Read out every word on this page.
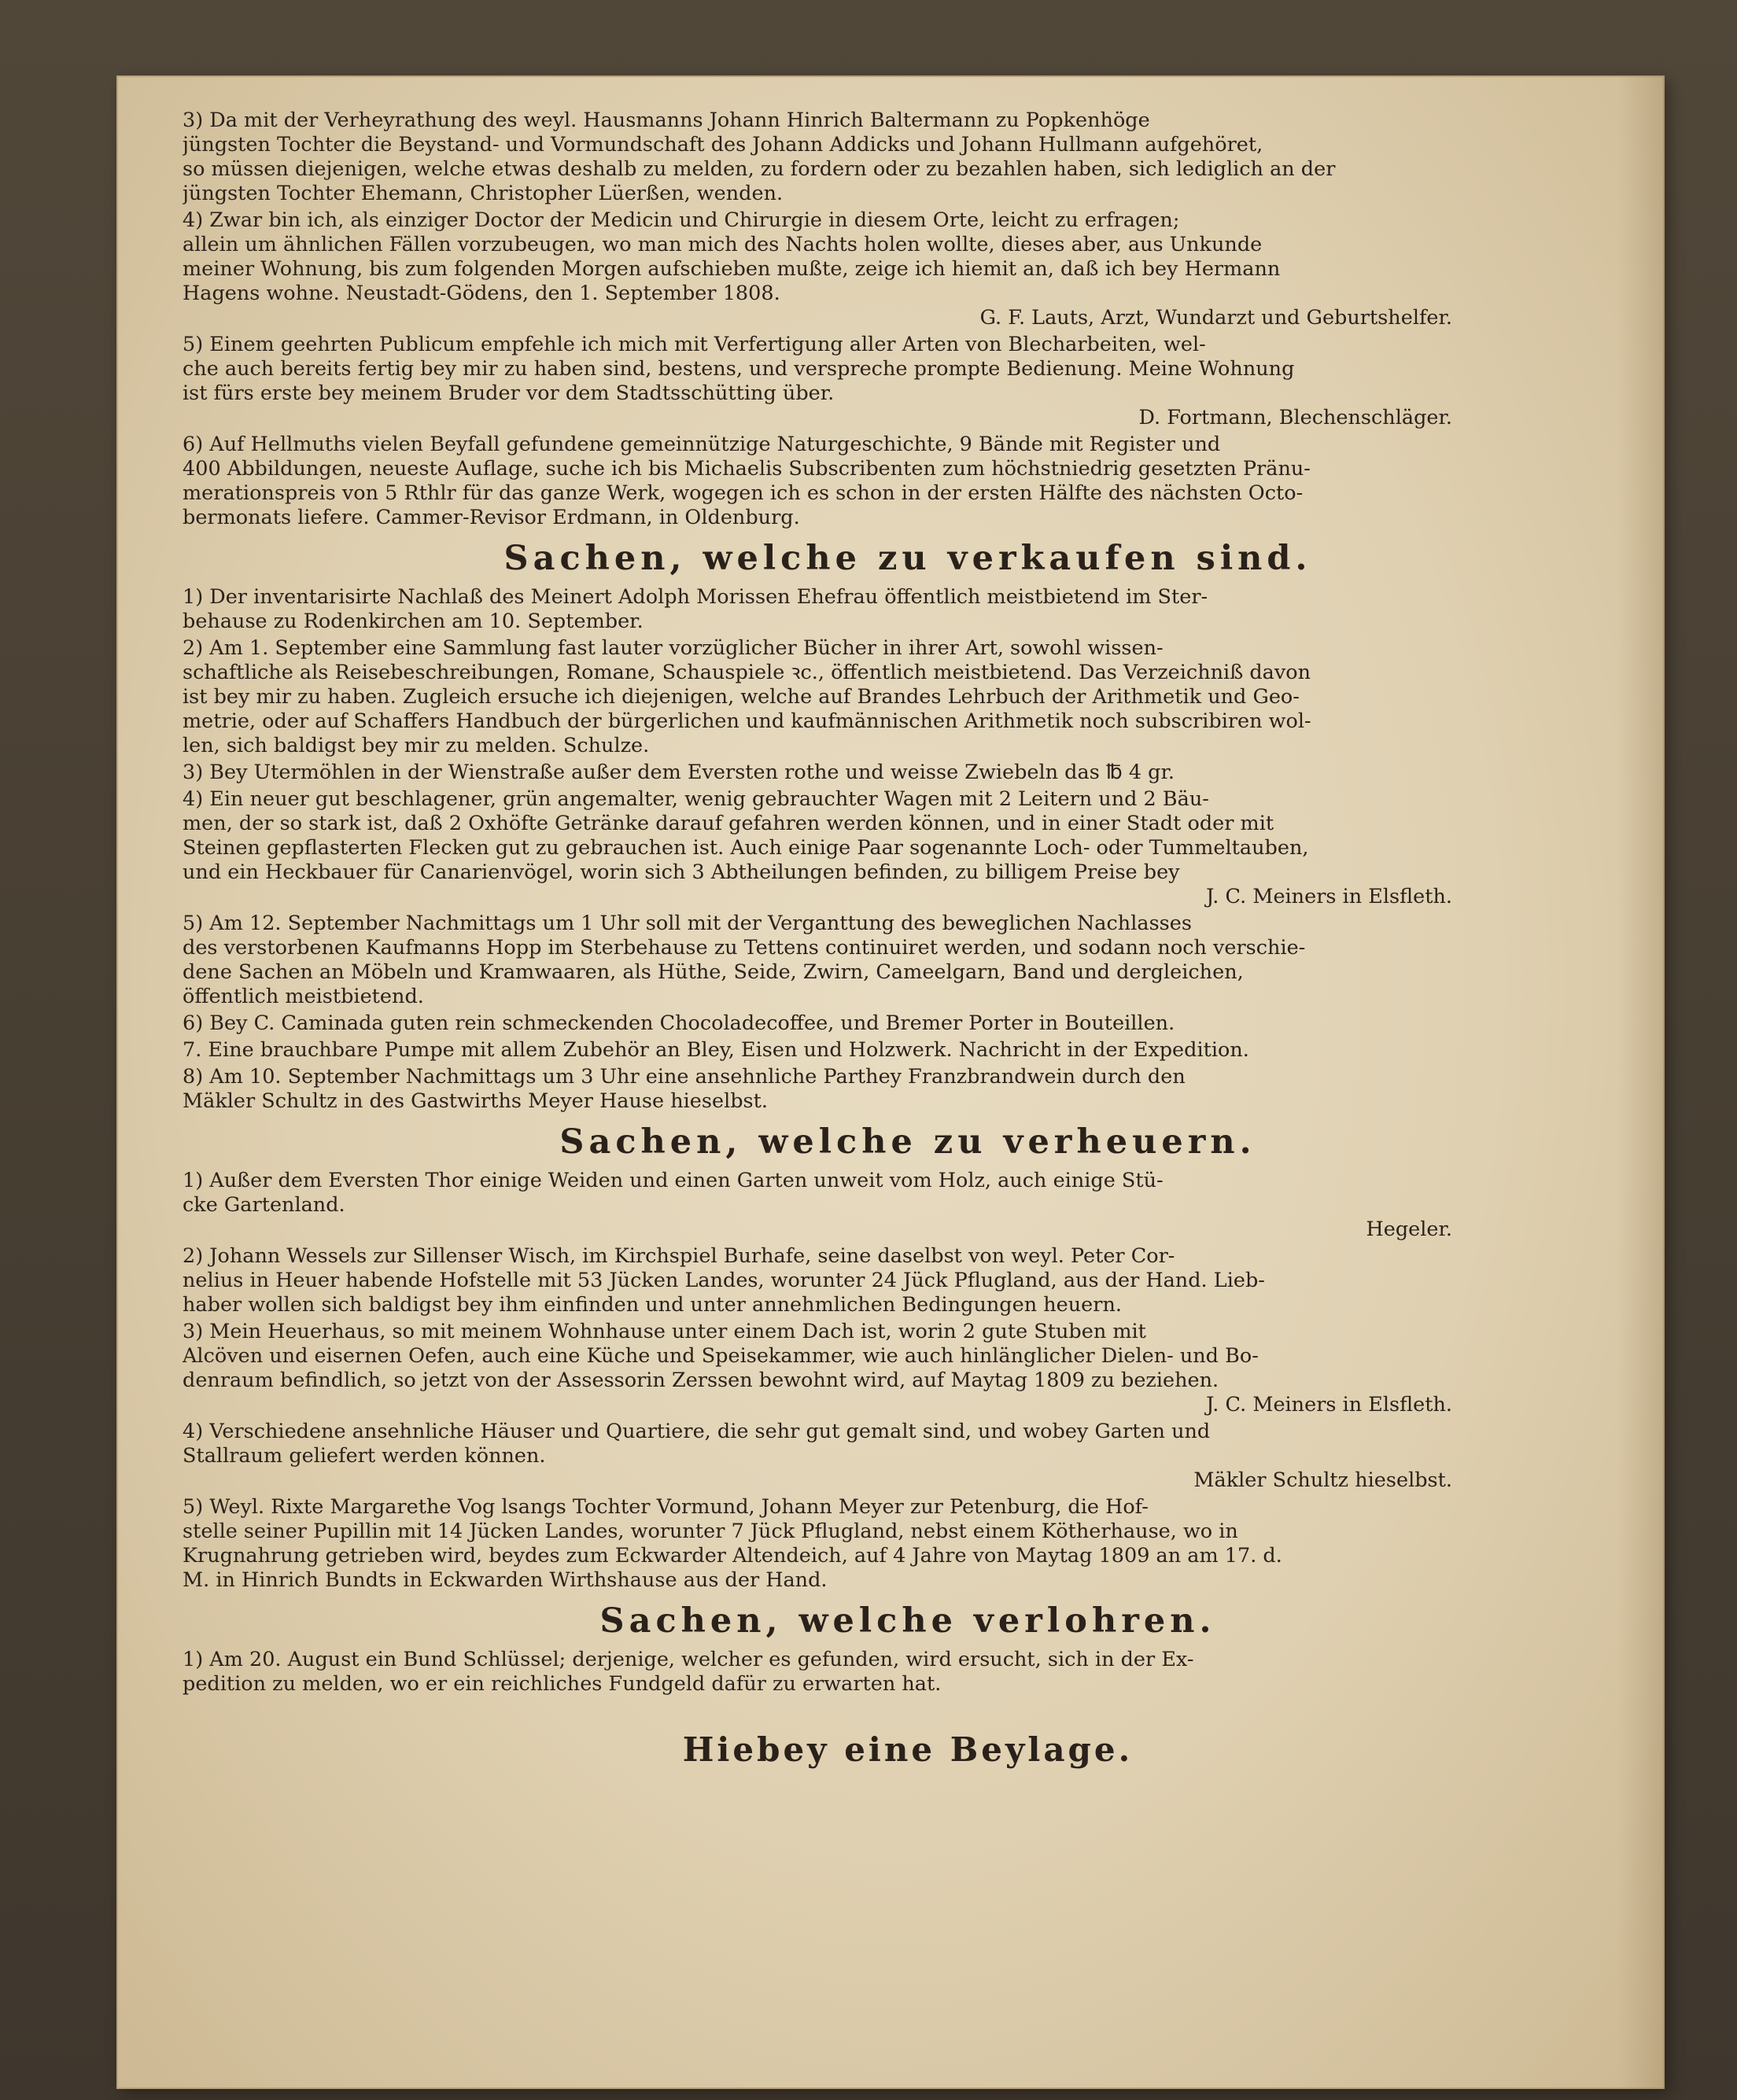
3) Da mit der Verheyrathung des weyl. Hausmanns Johann Hinrich Baltermann zu Popkenhöge
jüngsten Tochter die Beystand- und Vormundschaft des Johann Addicks und Johann Hullmann aufgehöret,
so müssen diejenigen, welche etwas deshalb zu melden, zu fordern oder zu bezahlen haben, sich lediglich an der
jüngsten Tochter Ehemann, Christopher Lüerßen, wenden.
4) Zwar bin ich, als einziger Doctor der Medicin und Chirurgie in diesem Orte, leicht zu erfragen;
allein um ähnlichen Fällen vorzubeugen, wo man mich des Nachts holen wollte, dieses aber, aus Unkunde
meiner Wohnung, bis zum folgenden Morgen aufschieben mußte, zeige ich hiemit an, daß ich bey Hermann
Hagens wohne. Neustadt-Gödens, den 1. September 1808.
G. F. Lauts, Arzt, Wundarzt und Geburtshelfer.
5) Einem geehrten Publicum empfehle ich mich mit Verfertigung aller Arten von Blecharbeiten, wel-
che auch bereits fertig bey mir zu haben sind, bestens, und verspreche prompte Bedienung. Meine Wohnung
ist fürs erste bey meinem Bruder vor dem Stadtsschütting über.
D. Fortmann, Blechenschläger.
6) Auf Hellmuths vielen Beyfall gefundene gemeinnützige Naturgeschichte, 9 Bände mit Register und
400 Abbildungen, neueste Auflage, suche ich bis Michaelis Subscribenten zum höchstniedrig gesetzten Pränu-
merationspreis von 5 Rthlr für das ganze Werk, wogegen ich es schon in der ersten Hälfte des nächsten Octo-
bermonats liefere. Cammer-Revisor Erdmann, in Oldenburg.
Sachen, welche zu verkaufen sind.
1) Der inventarisirte Nachlaß des Meinert Adolph Morissen Ehefrau öffentlich meistbietend im Ster-
behause zu Rodenkirchen am 10. September.
2) Am 1. September eine Sammlung fast lauter vorzüglicher Bücher in ihrer Art, sowohl wissen-
schaftliche als Reisebeschreibungen, Romane, Schauspiele ꝛc., öffentlich meistbietend. Das Verzeichniß davon
ist bey mir zu haben. Zugleich ersuche ich diejenigen, welche auf Brandes Lehrbuch der Arithmetik und Geo-
metrie, oder auf Schaffers Handbuch der bürgerlichen und kaufmännischen Arithmetik noch subscribiren wol-
len, sich baldigst bey mir zu melden. Schulze.
3) Bey Utermöhlen in der Wienstraße außer dem Eversten rothe und weisse Zwiebeln das ℔ 4 gr.
4) Ein neuer gut beschlagener, grün angemalter, wenig gebrauchter Wagen mit 2 Leitern und 2 Bäu-
men, der so stark ist, daß 2 Oxhöfte Getränke darauf gefahren werden können, und in einer Stadt oder mit
Steinen gepflasterten Flecken gut zu gebrauchen ist. Auch einige Paar sogenannte Loch- oder Tummeltauben,
und ein Heckbauer für Canarienvögel, worin sich 3 Abtheilungen befinden, zu billigem Preise bey
J. C. Meiners in Elsfleth.
5) Am 12. September Nachmittags um 1 Uhr soll mit der Verganttung des beweglichen Nachlasses
des verstorbenen Kaufmanns Hopp im Sterbehause zu Tettens continuiret werden, und sodann noch verschie-
dene Sachen an Möbeln und Kramwaaren, als Hüthe, Seide, Zwirn, Cameelgarn, Band und dergleichen,
öffentlich meistbietend.
6) Bey C. Caminada guten rein schmeckenden Chocoladecoffee, und Bremer Porter in Bouteillen.
7. Eine brauchbare Pumpe mit allem Zubehör an Bley, Eisen und Holzwerk. Nachricht in der Expedition.
8) Am 10. September Nachmittags um 3 Uhr eine ansehnliche Parthey Franzbrandwein durch den
Mäkler Schultz in des Gastwirths Meyer Hause hieselbst.
Sachen, welche zu verheuern.
1) Außer dem Eversten Thor einige Weiden und einen Garten unweit vom Holz, auch einige Stü-
cke Gartenland.
Hegeler.
2) Johann Wessels zur Sillenser Wisch, im Kirchspiel Burhafe, seine daselbst von weyl. Peter Cor-
nelius in Heuer habende Hofstelle mit 53 Jücken Landes, worunter 24 Jück Pflugland, aus der Hand. Lieb-
haber wollen sich baldigst bey ihm einfinden und unter annehmlichen Bedingungen heuern.
3) Mein Heuerhaus, so mit meinem Wohnhause unter einem Dach ist, worin 2 gute Stuben mit
Alcöven und eisernen Oefen, auch eine Küche und Speisekammer, wie auch hinlänglicher Dielen- und Bo-
denraum befindlich, so jetzt von der Assessorin Zerssen bewohnt wird, auf Maytag 1809 zu beziehen.
J. C. Meiners in Elsfleth.
4) Verschiedene ansehnliche Häuser und Quartiere, die sehr gut gemalt sind, und wobey Garten und
Stallraum geliefert werden können.
Mäkler Schultz hieselbst.
5) Weyl. Rixte Margarethe Vog lsangs Tochter Vormund, Johann Meyer zur Petenburg, die Hof-
stelle seiner Pupillin mit 14 Jücken Landes, worunter 7 Jück Pflugland, nebst einem Kötherhause, wo in
Krugnahrung getrieben wird, beydes zum Eckwarder Altendeich, auf 4 Jahre von Maytag 1809 an am 17. d.
M. in Hinrich Bundts in Eckwarden Wirthshause aus der Hand.
Sachen, welche verlohren.
1) Am 20. August ein Bund Schlüssel; derjenige, welcher es gefunden, wird ersucht, sich in der Ex-
pedition zu melden, wo er ein reichliches Fundgeld dafür zu erwarten hat.
Hiebey eine Beylage.
